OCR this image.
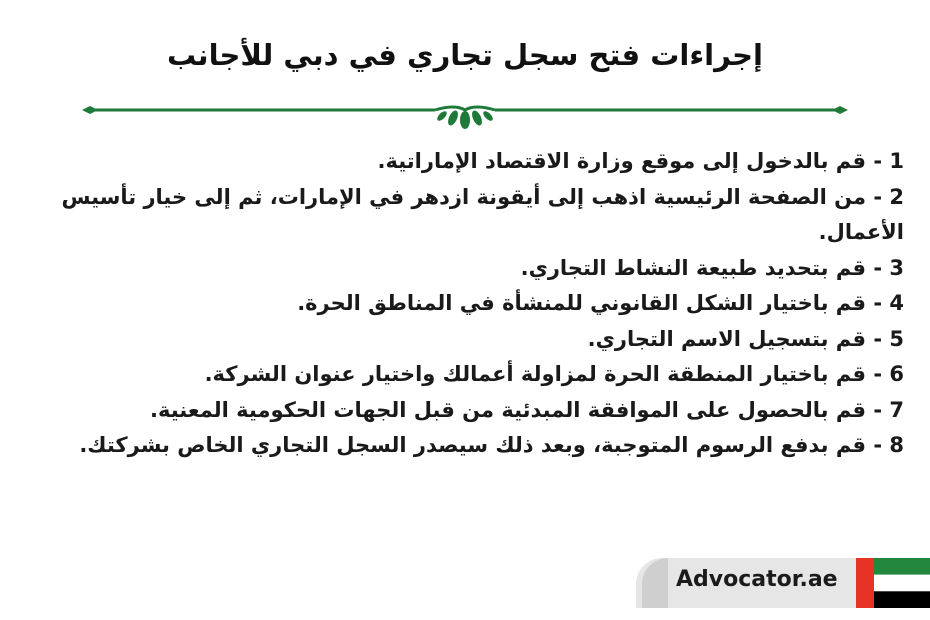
إجراءات فتح سجل تجاري في دبي للأجانب

1 - قم بالدخول إلى موقع وزارة الاقتصاد الإماراتية.

2 - من الصفحة الرئيسية اذهب إلى أيقونة ازدهر في الإمارات، ثم إلى خيار تأسيس الأعمال.

3 - قم بتحديد طبيعة النشاط التجاري.

4 - قم باختيار الشكل القانوني للمنشأة في المناطق الحرة.

5 - قم بتسجيل الاسم التجاري.

6 - قم باختيار المنطقة الحرة لمزاولة أعمالك واختيار عنوان الشركة.

7 - قم بالحصول على الموافقة المبدئية من قبل الجهات الحكومية المعنية.

8 - قم بدفع الرسوم المتوجبة، وبعد ذلك سيصدر السجل التجاري الخاص بشركتك.

Advocator.ae
